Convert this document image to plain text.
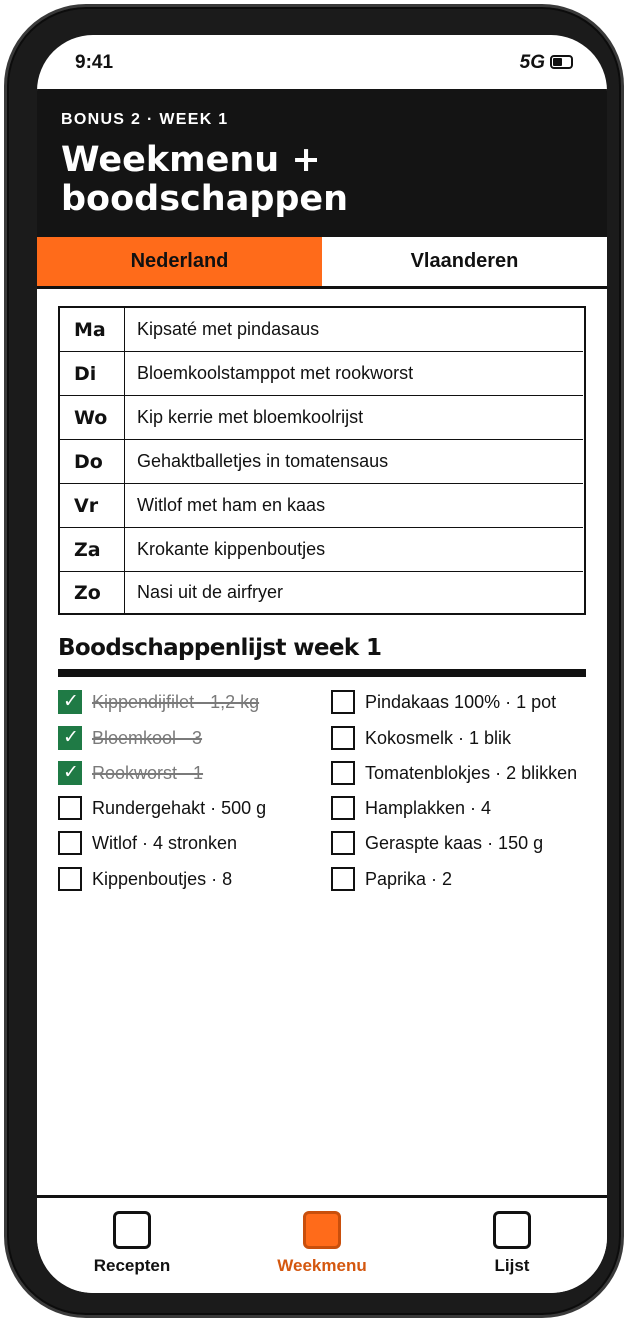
9:41	5G
BONUS 2 · WEEK 1
Weekmenu + boodschappen
Nederland	Vlaanderen
Ma	Kipsaté met pindasaus
Di	Bloemkoolstamppot met rookworst
Wo	Kip kerrie met bloemkoolrijst
Do	Gehaktballetjes in tomatensaus
Vr	Witlof met ham en kaas
Za	Krokante kippenboutjes
Zo	Nasi uit de airfryer
Boodschappenlijst week 1
✓
Kippendijfilet · 1,2 kg
✓
Bloemkool · 3
✓
Rookworst · 1
Rundergehakt · 500 g
Witlof · 4 stronken
Kippenboutjes · 8
Pindakaas 100% · 1 pot
Kokosmelk · 1 blik
Tomatenblokjes · 2 blikken
Hamplakken · 4
Geraspte kaas · 150 g
Paprika · 2
Recepten	Weekmenu	Lijst
